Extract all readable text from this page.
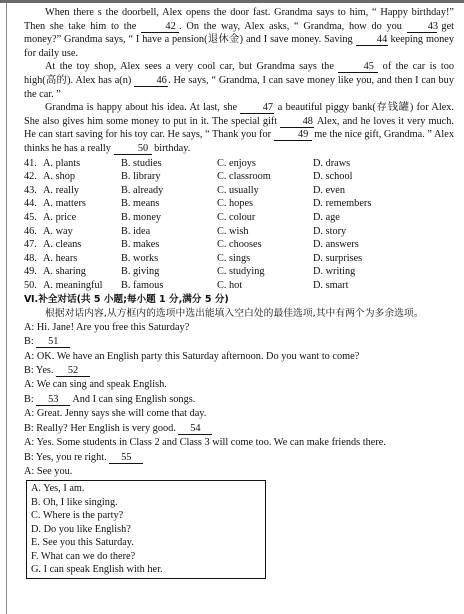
When there s the doorbell, Alex opens the door fast. Grandma says to him, “ Happy birthday!” Then she take him to the 42 . On the way, Alex asks, “ Grandma, how do you 43 get money?” Grandma says, “ I have a pension(退休金) and I save money. Saving 44 keeping money for daily use.

At the toy shop, Alex sees a very cool car, but Grandma says the 45 of the car is too high(高的). Alex has a(n) 46. He says, “ Grandma, I can save money like you, and then I can buy the car. ”

Grandma is happy about his idea. At last, she 47 a beautiful piggy bank(存钱罐) for Alex. She also gives him some money to put in it. The special gift 48 Alex, and he loves it very much. He can start saving for his toy car. He says, “ Thank you for 49 me the nice gift, Grandma. ” Alex thinks he has a really 50 birthday.

41. A. plants	B. studies	C. enjoys	D. draws
42. A. shop	B. library	C. classroom	D. school
43. A. really	B. already	C. usually	D. even
44. A. matters	B. means	C. hopes	D. remembers
45. A. price	B. money	C. colour	D. age
46. A. way	B. idea	C. wish	D. story
47. A. cleans	B. makes	C. chooses	D. answers
48. A. hears	B. works	C. sings	D. surprises
49. A. sharing	B. giving	C. studying	D. writing
50. A. meaningful	B. famous	C. hot	D. smart

Ⅵ.补全对话(共 5 小题;每小题 1 分,满分 5 分)

根据对话内容,从方框内的选项中选出能填入空白处的最佳选项,其中有两个为多余选项。

A: Hi. Jane! Are you free this Saturday?

B: 51

A: OK. We have an English party this Saturday afternoon. Do you want to come?

B: Yes. 52

A: We can sing and speak English.

B: 53 And I can sing English songs.

A: Great. Jenny says she will come that day.

B: Really? Her English is very good. 54

A: Yes. Some students in Class 2 and Class 3 will come too. We can make friends there.

B: Yes, you re right. 55

A: See you.

A. Yes, I am.
B. Oh, I like singing.
C. Where is the party?
D. Do you like English?
E. See you this Saturday.
F. What can we do there?
G. I can speak English with her.
